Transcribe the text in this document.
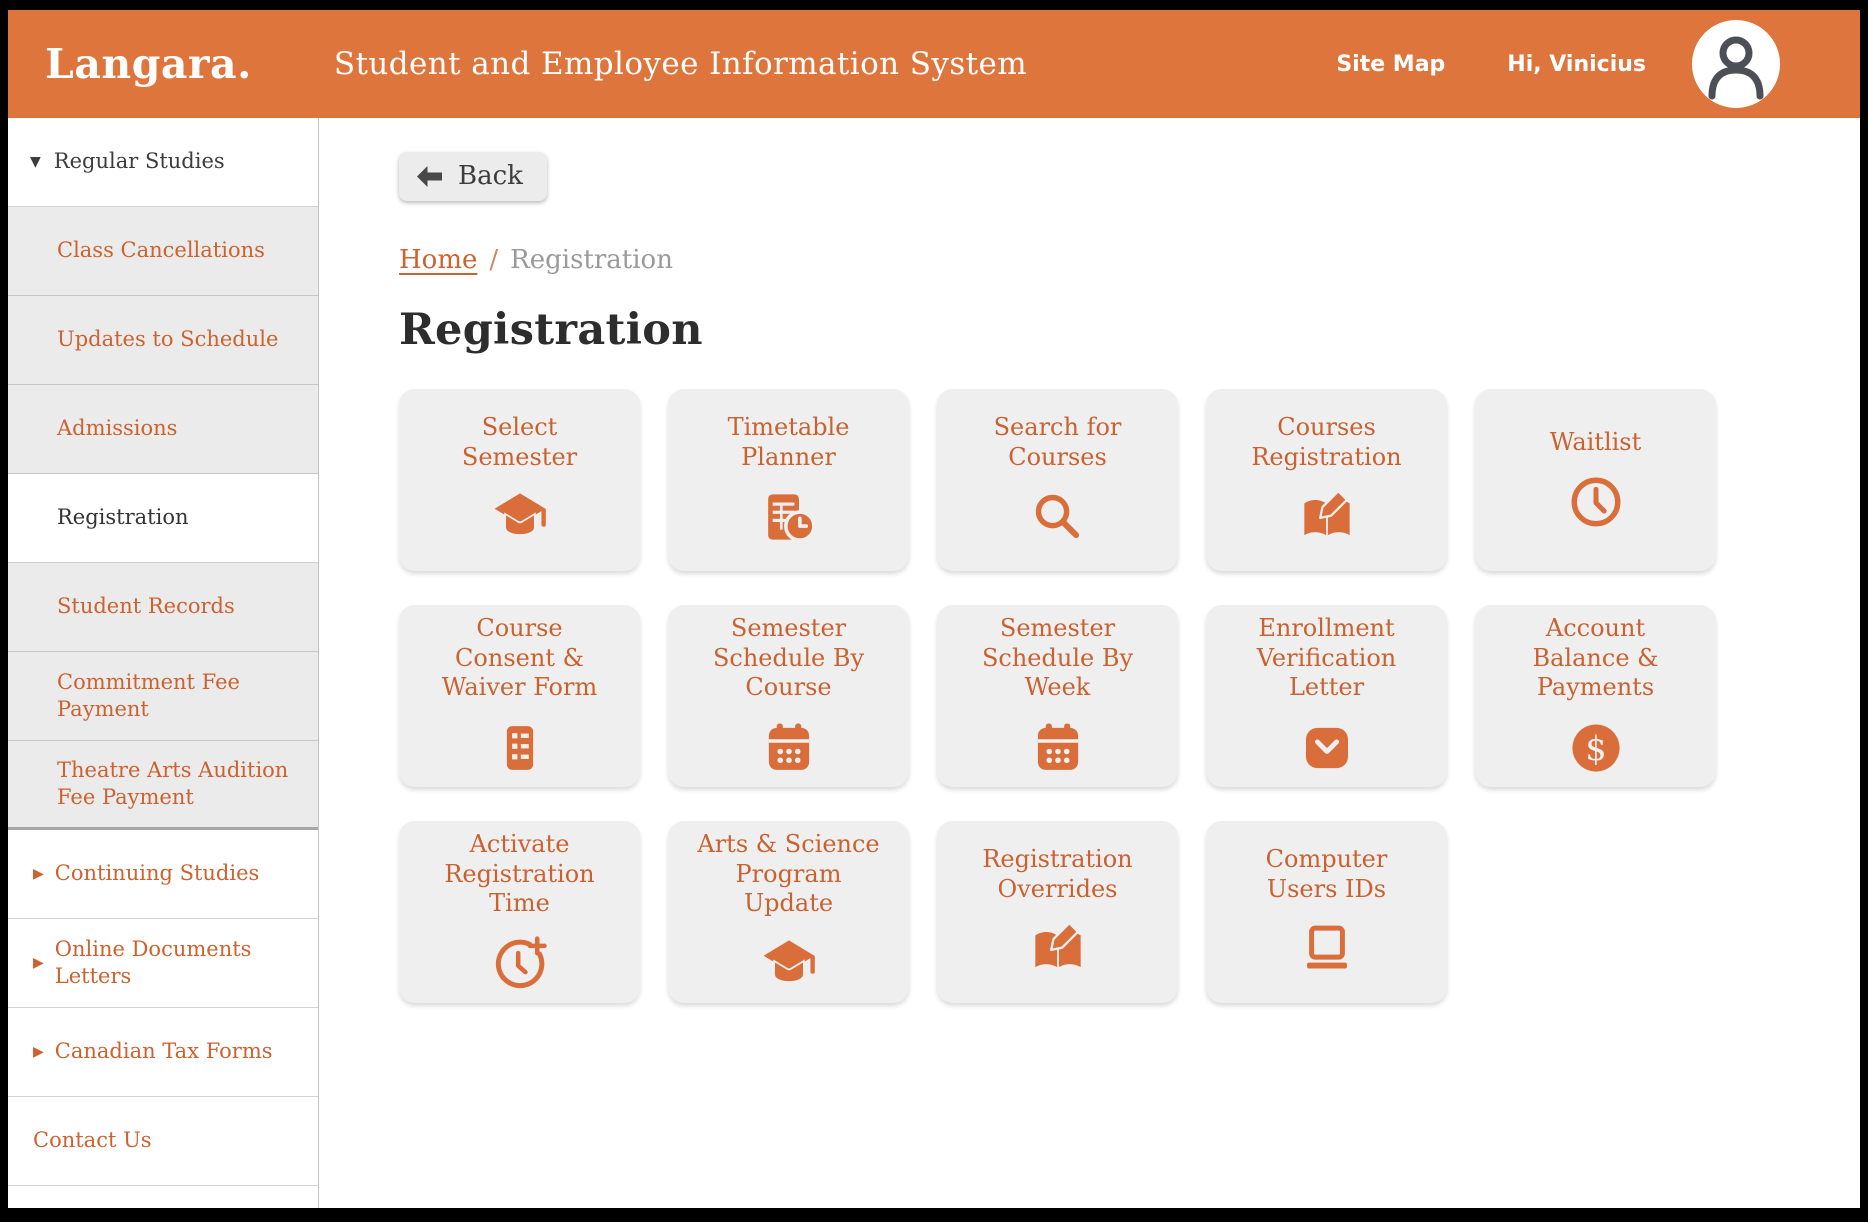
Langara.	Student and Employee Information System	Site Map	Hi, Vinicius
▼ Regular Studies
Class Cancellations
Updates to Schedule
Admissions
Registration
Student Records
Commitment Fee Payment
Theatre Arts Audition Fee Payment
▶ Continuing Studies
▶
Online Documents Letters
▶ Canadian Tax Forms
Contact Us
Back
Home / Registration
Registration
Select Semester
Timetable Planner
Search for Courses
Courses Registration
Waitlist
Course Consent & Waiver Form
Semester Schedule By Course
Semester Schedule By Week
Enrollment Verification Letter
Account Balance & Payments
$
Activate Registration Time
Arts & Science Program Update
Registration Overrides
Computer Users IDs
